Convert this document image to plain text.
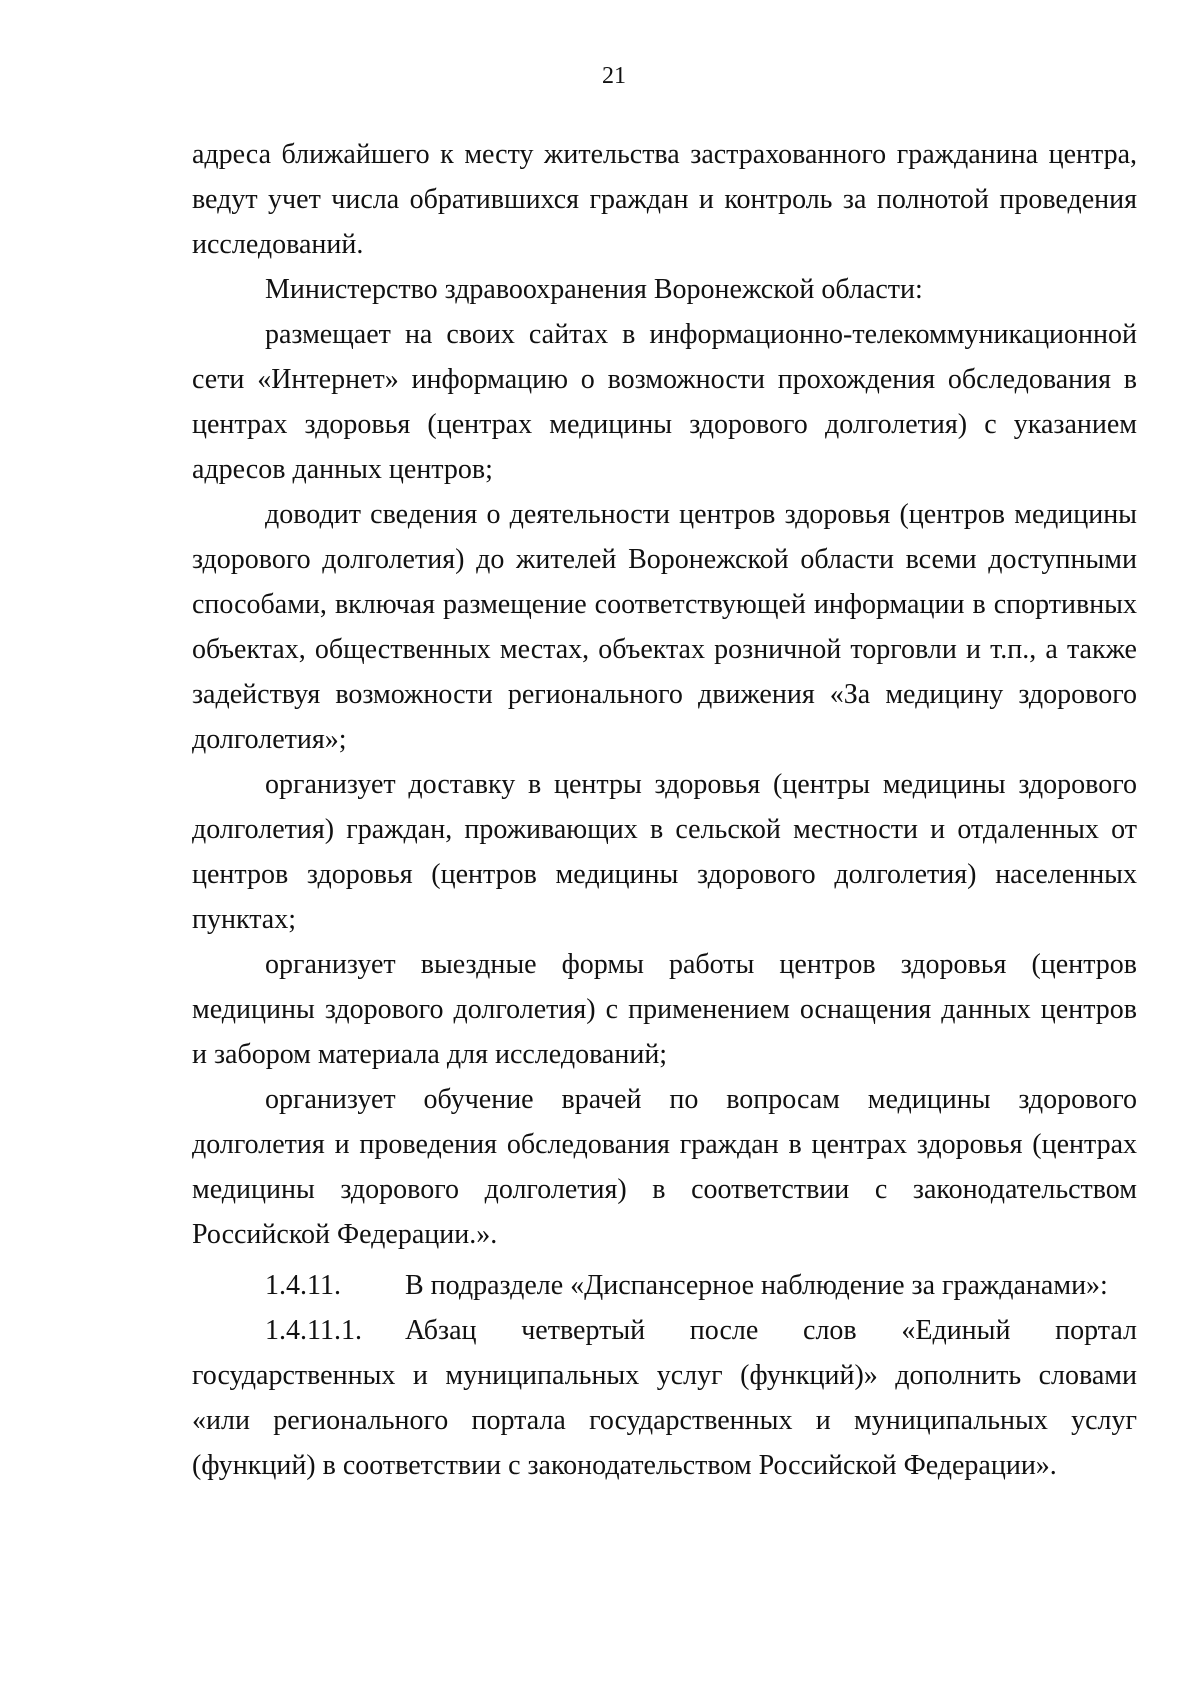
21

адреса ближайшего к месту жительства застрахованного гражданина центра, ведут учет числа обратившихся граждан и контроль за полнотой проведения исследований.

Министерство здравоохранения Воронежской области:

размещает на своих сайтах в информационно-телекоммуникационной сети «Интернет» информацию о возможности прохождения обследования в центрах здоровья (центрах медицины здорового долголетия) с указанием адресов данных центров;

доводит сведения о деятельности центров здоровья (центров медицины здорового долголетия) до жителей Воронежской области всеми доступными способами, включая размещение соответствующей информации в спортивных объектах, общественных местах, объектах розничной торговли и т.п., а также задействуя возможности регионального движения «За медицину здорового долголетия»;

организует доставку в центры здоровья (центры медицины здорового долголетия) граждан, проживающих в сельской местности и отдаленных от центров здоровья (центров медицины здорового долголетия) населенных пунктах;

организует выездные формы работы центров здоровья (центров медицины здорового долголетия) с применением оснащения данных центров и забором материала для исследований;

организует обучение врачей по вопросам медицины здорового долголетия и проведения обследования граждан в центрах здоровья (центрах медицины здорового долголетия) в соответствии с законодательством Российской Федерации.».

1.4.11. В подразделе «Диспансерное наблюдение за гражданами»:

1.4.11.1. Абзац четвертый после слов «Единый портал государственных и муниципальных услуг (функций)» дополнить словами «или регионального портала государственных и муниципальных услуг (функций) в соответствии с законодательством Российской Федерации».
